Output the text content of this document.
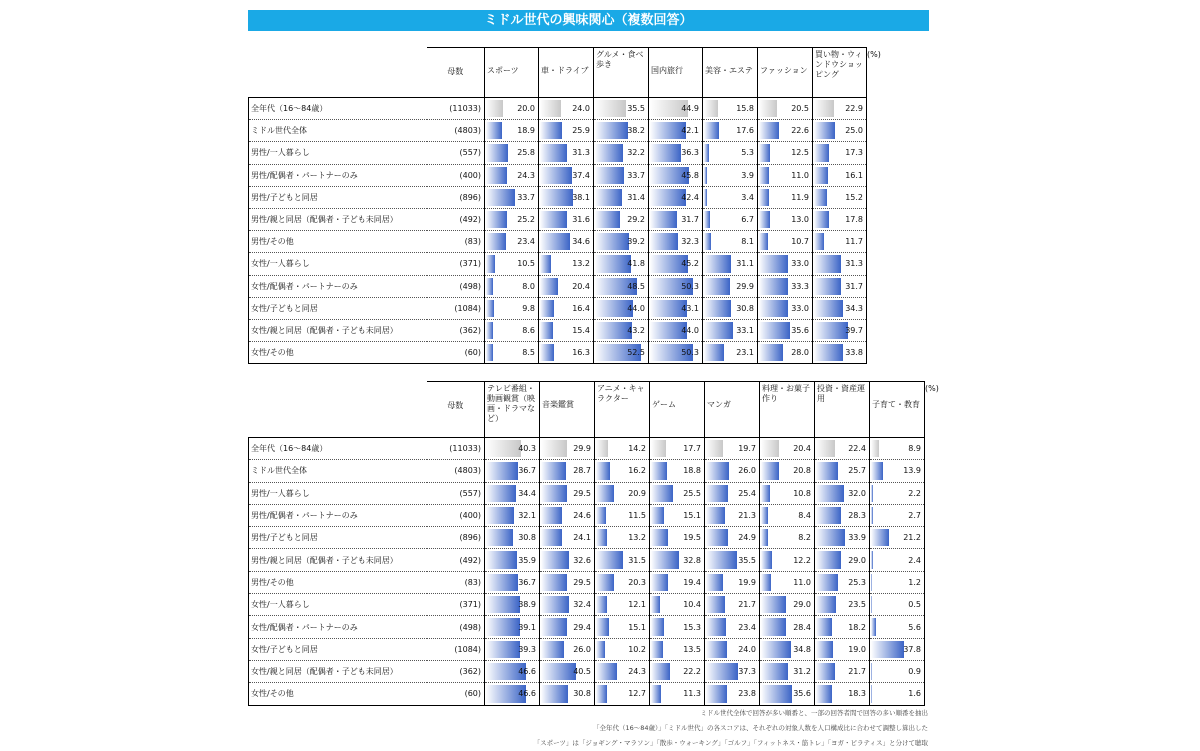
ミドル世代の興味関心（複数回答）
	母数	スポーツ	車・ドライブ	グルメ・食べ歩き	国内旅行	美容・エステ	ファッション	買い物・ウィンドウショッピング	(%)
全年代（16～84歳）	(11033)	20.0	24.0	35.5	44.9	15.8	20.5	22.9	

ミドル世代全体	(4803)	18.9	25.9	38.2	42.1	17.6	22.6	25.0	

男性/一人暮らし	(557)	25.8	31.3	32.2	36.3	5.3	12.5	17.3	

男性/配偶者・パートナーのみ	(400)	24.3	37.4	33.7	45.8	3.9	11.0	16.1	

男性/子どもと同居	(896)	33.7	38.1	31.4	42.4	3.4	11.9	15.2	

男性/親と同居（配偶者・子ども未同居）	(492)	25.2	31.6	29.2	31.7	6.7	13.0	17.8	

男性/その他	(83)	23.4	34.6	39.2	32.3	8.1	10.7	11.7	

女性/一人暮らし	(371)	10.5	13.2	41.8	45.2	31.1	33.0	31.3	

女性/配偶者・パートナーのみ	(498)	8.0	20.4	48.5	50.3	29.9	33.3	31.7	

女性/子どもと同居	(1084)	9.8	16.4	44.0	43.1	30.8	33.0	34.3	

女性/親と同居（配偶者・子ども未同居）	(362)	8.6	15.4	43.2	44.0	33.1	35.6	39.7	

女性/その他	(60)	8.5	16.3	52.5	50.3	23.1	28.0	33.8	

	母数	テレビ番組・動画観賞（映画・ドラマなど）	音楽鑑賞	アニメ・キャラクター	ゲーム	マンガ	料理・お菓子作り	投資・資産運用	子育て・教育	(%)
全年代（16～84歳）	(11033)	40.3	29.9	14.2	17.7	19.7	20.4	22.4	8.9	

ミドル世代全体	(4803)	36.7	28.7	16.2	18.8	26.0	20.8	25.7	13.9	

男性/一人暮らし	(557)	34.4	29.5	20.9	25.5	25.4	10.8	32.0	2.2	

男性/配偶者・パートナーのみ	(400)	32.1	24.6	11.5	15.1	21.3	8.4	28.3	2.7	

男性/子どもと同居	(896)	30.8	24.1	13.2	19.5	24.9	8.2	33.9	21.2	

男性/親と同居（配偶者・子ども未同居）	(492)	35.9	32.6	31.5	32.8	35.5	12.2	29.0	2.4	

男性/その他	(83)	36.7	29.5	20.3	19.4	19.9	11.0	25.3	1.2	

女性/一人暮らし	(371)	38.9	32.4	12.1	10.4	21.7	29.0	23.5	0.5	

女性/配偶者・パートナーのみ	(498)	39.1	29.4	15.1	15.3	23.4	28.4	18.2	5.6	

女性/子どもと同居	(1084)	39.3	26.0	10.2	13.5	24.0	34.8	19.0	37.8	

女性/親と同居（配偶者・子ども未同居）	(362)	46.6	40.5	24.3	22.2	37.3	31.2	21.7	0.9	

女性/その他	(60)	46.6	30.8	12.7	11.3	23.8	35.6	18.3	1.6	

ミドル世代全体で回答が多い順番と、一部の回答者間で回答の多い順番を抽出
「全年代（16～84歳）」「ミドル世代」の各スコアは、それぞれの対象人数を人口構成比に合わせて調整し算出した
「スポーツ」は「ジョギング・マラソン」「散歩・ウォーキング」「ゴルフ」「フィットネス・筋トレ」「ヨガ・ピラティス」と分けて聴取
